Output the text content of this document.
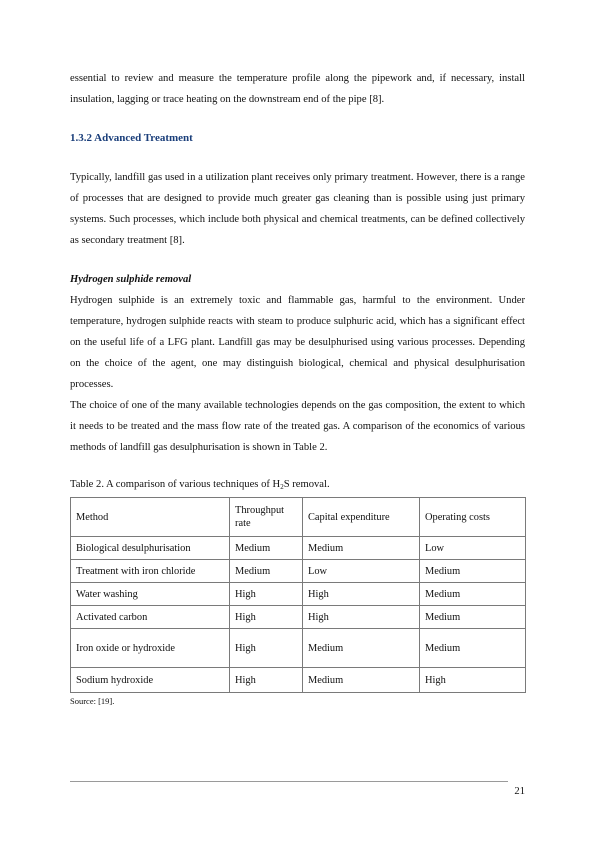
essential to review and measure the temperature profile along the pipework and, if necessary, install insulation, lagging or trace heating on the downstream end of the pipe [8].

1.3.2 Advanced Treatment

Typically, landfill gas used in a utilization plant receives only primary treatment. However, there is a range of processes that are designed to provide much greater gas cleaning than is possible using just primary systems. Such processes, which include both physical and chemical treatments, can be defined collectively as secondary treatment [8].

Hydrogen sulphide removal

Hydrogen sulphide is an extremely toxic and flammable gas, harmful to the environment. Under temperature, hydrogen sulphide reacts with steam to produce sulphuric acid, which has a significant effect on the useful life of a LFG plant. Landfill gas may be desulphurised using various processes. Depending on the choice of the agent, one may distinguish biological, chemical and physical desulphurisation processes.

The choice of one of the many available technologies depends on the gas composition, the extent to which it needs to be treated and the mass flow rate of the treated gas. A comparison of the economics of various methods of landfill gas desulphurisation is shown in Table 2.

Table 2. A comparison of various techniques of $H_2S$ removal.

Method	Throughput rate	Capital expenditure	Operating costs
Biological desulphurisation	Medium	Medium	Low
Treatment with iron chloride	Medium	Low	Medium
Water washing	High	High	Medium
Activated carbon	High	High	Medium
Iron oxide or hydroxide	High	Medium	Medium
Sodium hydroxide	High	Medium	High

Source: [19].

21
